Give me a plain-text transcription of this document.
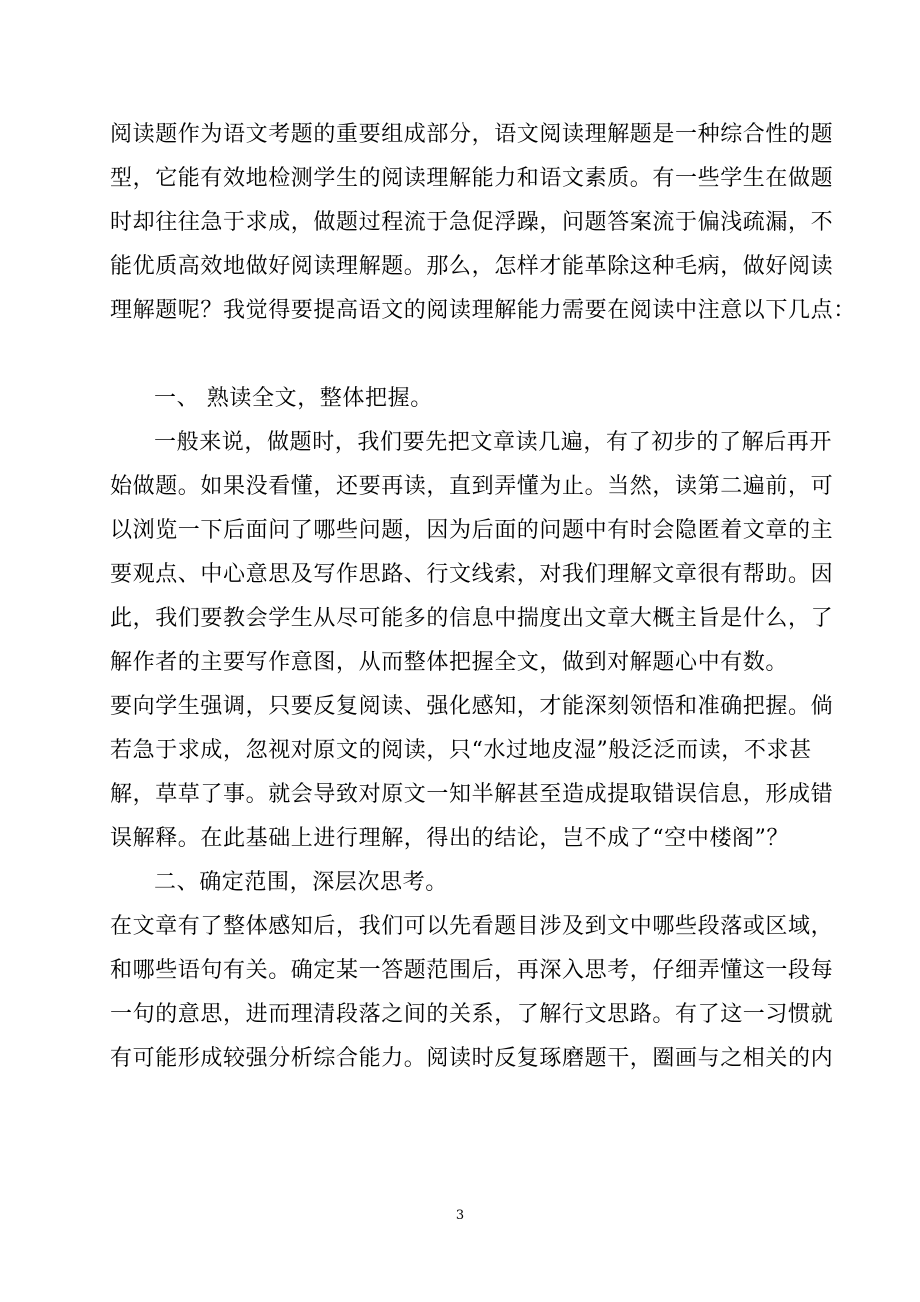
阅读题作为语文考题的重要组成部分，语文阅读理解题是一种综合性的题
型，它能有效地检测学生的阅读理解能力和语文素质。有一些学生在做题
时却往往急于求成，做题过程流于急促浮躁，问题答案流于偏浅疏漏，不
能优质高效地做好阅读理解题。那么，怎样才能革除这种毛病，做好阅读
理解题呢？我觉得要提高语文的阅读理解能力需要在阅读中注意以下几点：
一、 熟读全文，整体把握。
一般来说，做题时，我们要先把文章读几遍，有了初步的了解后再开
始做题。如果没看懂，还要再读，直到弄懂为止。当然，读第二遍前，可
以浏览一下后面问了哪些问题，因为后面的问题中有时会隐匿着文章的主
要观点、中心意思及写作思路、行文线索，对我们理解文章很有帮助。因
此，我们要教会学生从尽可能多的信息中揣度出文章大概主旨是什么，了
解作者的主要写作意图，从而整体把握全文，做到对解题心中有数。
要向学生强调，只要反复阅读、强化感知，才能深刻领悟和准确把握。倘
若急于求成，忽视对原文的阅读，只“水过地皮湿”般泛泛而读，不求甚
解，草草了事。就会导致对原文一知半解甚至造成提取错误信息，形成错
误解释。在此基础上进行理解，得出的结论，岂不成了“空中楼阁”？
二、确定范围，深层次思考。
在文章有了整体感知后，我们可以先看题目涉及到文中哪些段落或区域，
和哪些语句有关。确定某一答题范围后，再深入思考，仔细弄懂这一段每
一句的意思，进而理清段落之间的关系，了解行文思路。有了这一习惯就
有可能形成较强分析综合能力。阅读时反复琢磨题干，圈画与之相关的内
3
